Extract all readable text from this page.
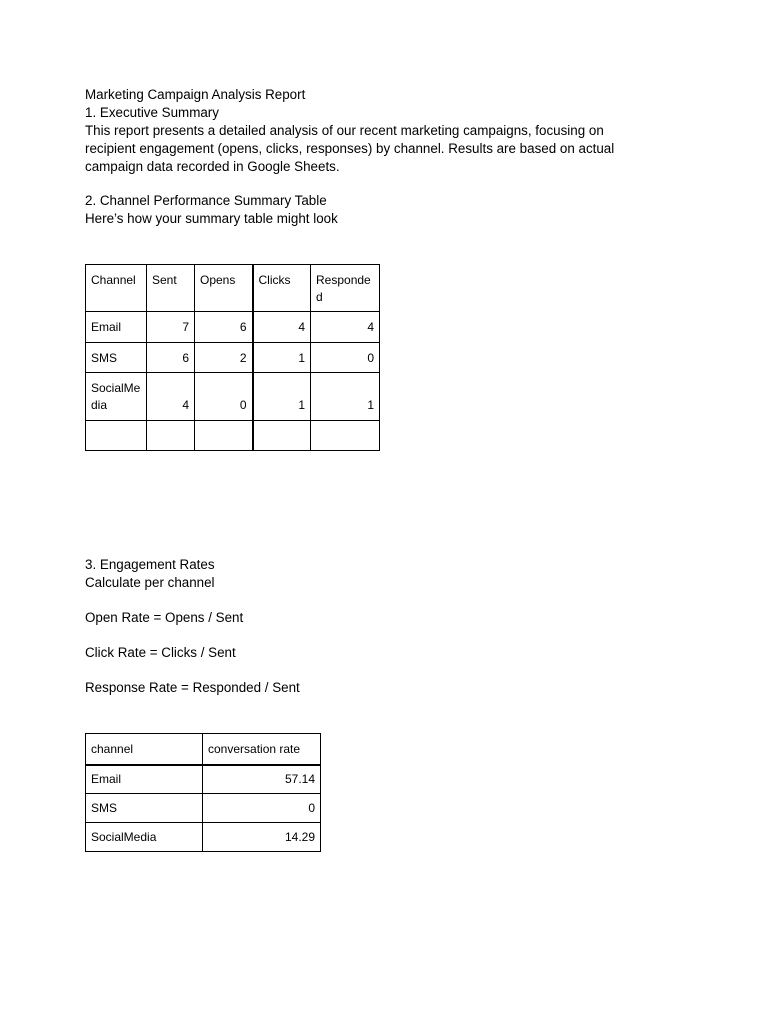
Marketing Campaign Analysis Report
1. Executive Summary
This report presents a detailed analysis of our recent marketing campaigns, focusing on recipient engagement (opens, clicks, responses) by channel. Results are based on actual campaign data recorded in Google Sheets.
2. Channel Performance Summary Table
Here’s how your summary table might look
Channel	Sent	Opens	Clicks	Responded
Email	7	6	4	4
SMS	6	2	1	0
SocialMedia	4	0	1	1

3. Engagement Rates
Calculate per channel
Open Rate = Opens / Sent
Click Rate = Clicks / Sent
Response Rate = Responded / Sent
channel	conversation rate
Email	57.14
SMS	0
SocialMedia	14.29
